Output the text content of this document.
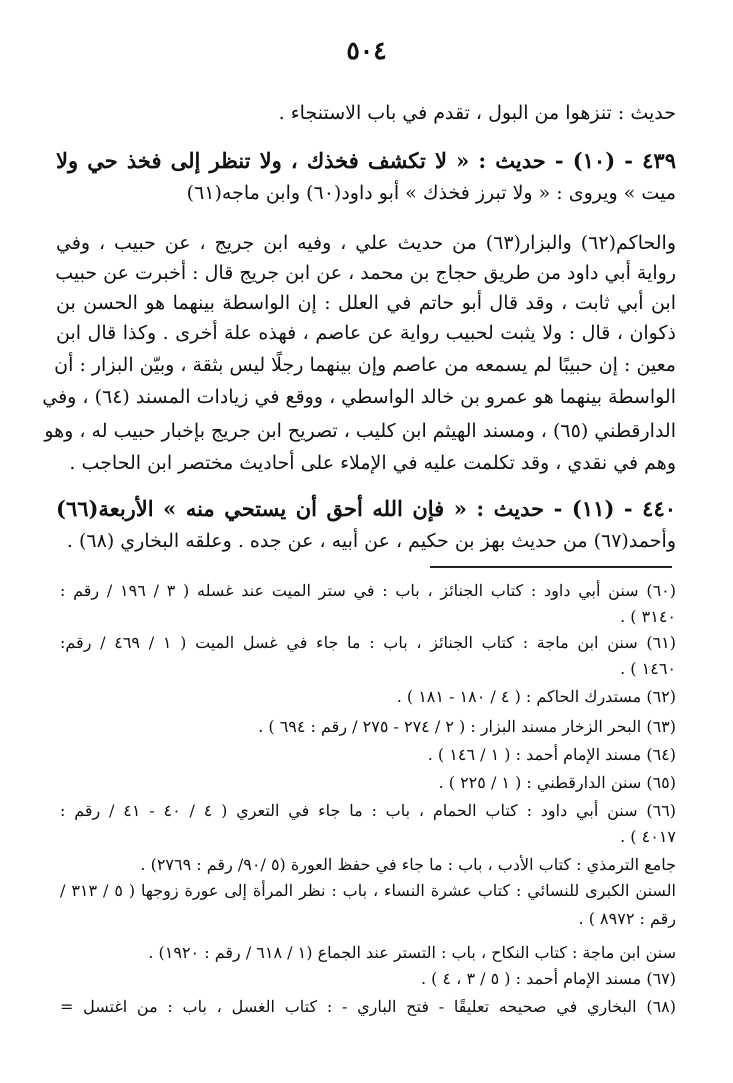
٥٠٤
حديث : تنزهوا من البول ، تقدم في باب الاستنجاء .
٤٣٩ - (١٠) - حديث : « لا تكشف فخذك ، ولا تنظر إلى فخذ حي ولا
ميت » ويروى : « ولا تبرز فخذك » أبو داود(٦٠) وابن ماجه(٦١)
والحاكم(٦٢) والبزار(٦٣) من حديث علي ، وفيه ابن جريج ، عن حبيب ، وفي
رواية أبي داود من طريق حجاج بن محمد ، عن ابن جريج قال : أخبرت عن حبيب
ابن أبي ثابت ، وقد قال أبو حاتم في العلل : إن الواسطة بينهما هو الحسن بن
ذكوان ، قال : ولا يثبت لحبيب رواية عن عاصم ، فهذه علة أخرى . وكذا قال ابن
معين : إن حبيبًا لم يسمعه من عاصم وإن بينهما رجلًا ليس بثقة ، وبيّن البزار : أن
الواسطة بينهما هو عمرو بن خالد الواسطي ، ووقع في زيادات المسند (٦٤) ، وفي
الدارقطني (٦٥) ، ومسند الهيثم ابن كليب ، تصريح ابن جريج بإخبار حبيب له ، وهو
وهم في نقدي ، وقد تكلمت عليه في الإملاء على أحاديث مختصر ابن الحاجب .
٤٤٠ - (١١) - حديث : « فإن الله أحق أن يستحي منه » الأربعة(٦٦)
وأحمد(٦٧) من حديث بهز بن حكيم ، عن أبيه ، عن جده . وعلقه البخاري (٦٨) .
(٦٠) سنن أبي داود : كتاب الجنائز ، باب : في ستر الميت عند غسله ( ٣ / ١٩٦ / رقم :
٣١٤٠ ) .
(٦١) سنن ابن ماجة : كتاب الجنائز ، باب : ما جاء في غسل الميت ( ١ / ٤٦٩ / رقم:
١٤٦٠ ) .
(٦٢) مستدرك الحاكم : ( ٤ / ١٨٠ - ١٨١ ) .
(٦٣) البحر الزخار مسند البزار : ( ٢ / ٢٧٤ - ٢٧٥ / رقم : ٦٩٤ ) .
(٦٤) مسند الإمام أحمد : ( ١ / ١٤٦ ) .
(٦٥) سنن الدارقطني : ( ١ / ٢٢٥ ) .
(٦٦) سنن أبي داود : كتاب الحمام ، باب : ما جاء في التعري ( ٤ / ٤٠ - ٤١ / رقم :
٤٠١٧ ) .
جامع الترمذي : كتاب الأدب ، باب : ما جاء في حفظ العورة (٥ /٩٠/ رقم : ٢٧٦٩) .
السنن الكبرى للنسائي : كتاب عشرة النساء ، باب : نظر المرأة إلى عورة زوجها ( ٥ / ٣١٣ /
رقم : ٨٩٧٢ ) .
سنن ابن ماجة : كتاب النكاح ، باب : التستر عند الجماع (١ / ٦١٨ / رقم : ١٩٢٠) .
(٦٧) مسند الإمام أحمد : ( ٥ / ٣ ، ٤ ) .
(٦٨) البخاري في صحيحه تعليقًا - فتح الباري - : كتاب الغسل ، باب : من اغتسل =
